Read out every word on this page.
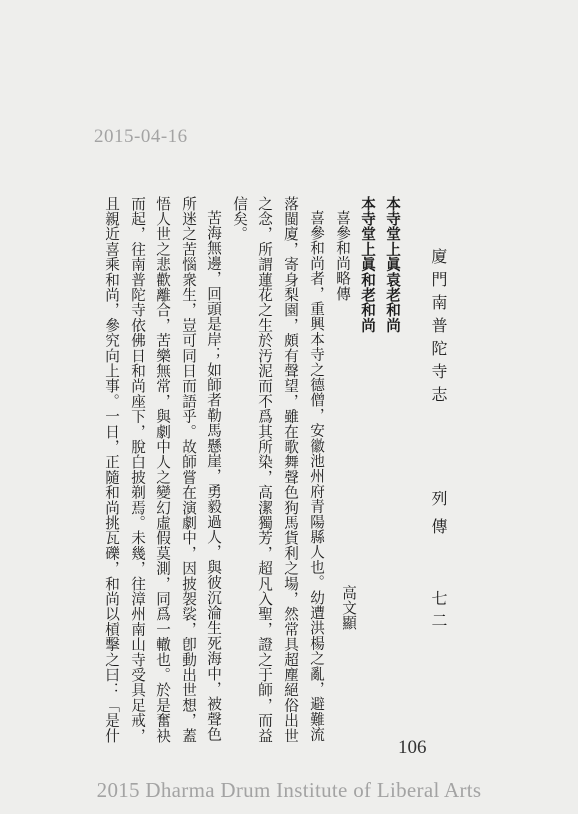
2015-04-16
廈門南普陀寺志
列傳
七二
本寺堂上眞袁老和尚
本寺堂上眞和老和尚
喜參和尚略傳
高文顯
喜參和尚者，重興本寺之德僧，安徽池州府青陽縣人也。幼遭洪楊之亂，避難流
落閩廈，寄身梨園，頗有聲望，雖在歌舞聲色狗馬貨利之場，然常具超塵絕俗出世
之念，所謂蓮花之生於汚泥而不爲其所染，高潔獨芳，超凡入聖，證之于師，而益
信矣。
苦海無邊，回頭是岸；如師者勒馬懸崖，勇毅過人，與彼沉淪生死海中，被聲色
所迷之苦惱衆生，豈可同日而語乎。故師嘗在演劇中，因披袈裟，卽動出世想，蓋
悟人世之悲歡離合，苦樂無常，與劇中人之變幻虛假莫測，同爲一轍也。於是奮袂
而起，往南普陀寺依佛日和尚座下，脫白披剃焉。未幾，往漳州南山寺受具足戒，
且親近喜乘和尚，參究向上事。一日，正隨和尚挑瓦礫，和尚以槓擊之曰：「是什
106
2015 Dharma Drum Institute of Liberal Arts
